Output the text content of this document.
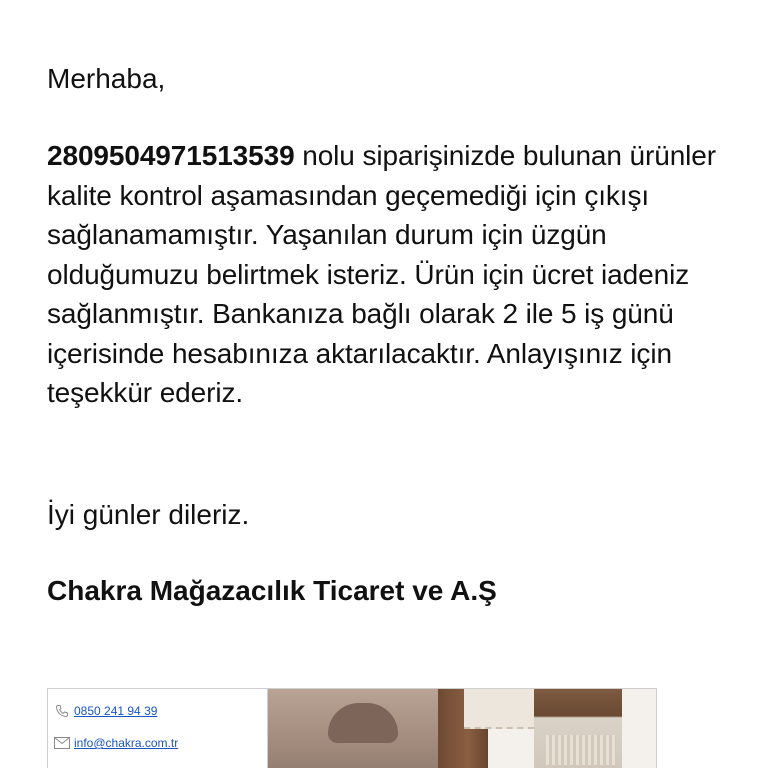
Merhaba,

2809504971513539 nolu siparişinizde bulunan ürünler kalite kontrol aşamasından geçemediği için çıkışı sağlanamamıştır. Yaşanılan durum için üzgün olduğumuzu belirtmek isteriz. Ürün için ücret iadeniz sağlanmıştır. Bankanıza bağlı olarak 2 ile 5 iş günü içerisinde hesabınıza aktarılacaktır. Anlayışınız için teşekkür ederiz.

İyi günler dileriz.

Chakra Mağazacılık Ticaret ve A.Ş

0850 241 94 39
info@chakra.com.tr
